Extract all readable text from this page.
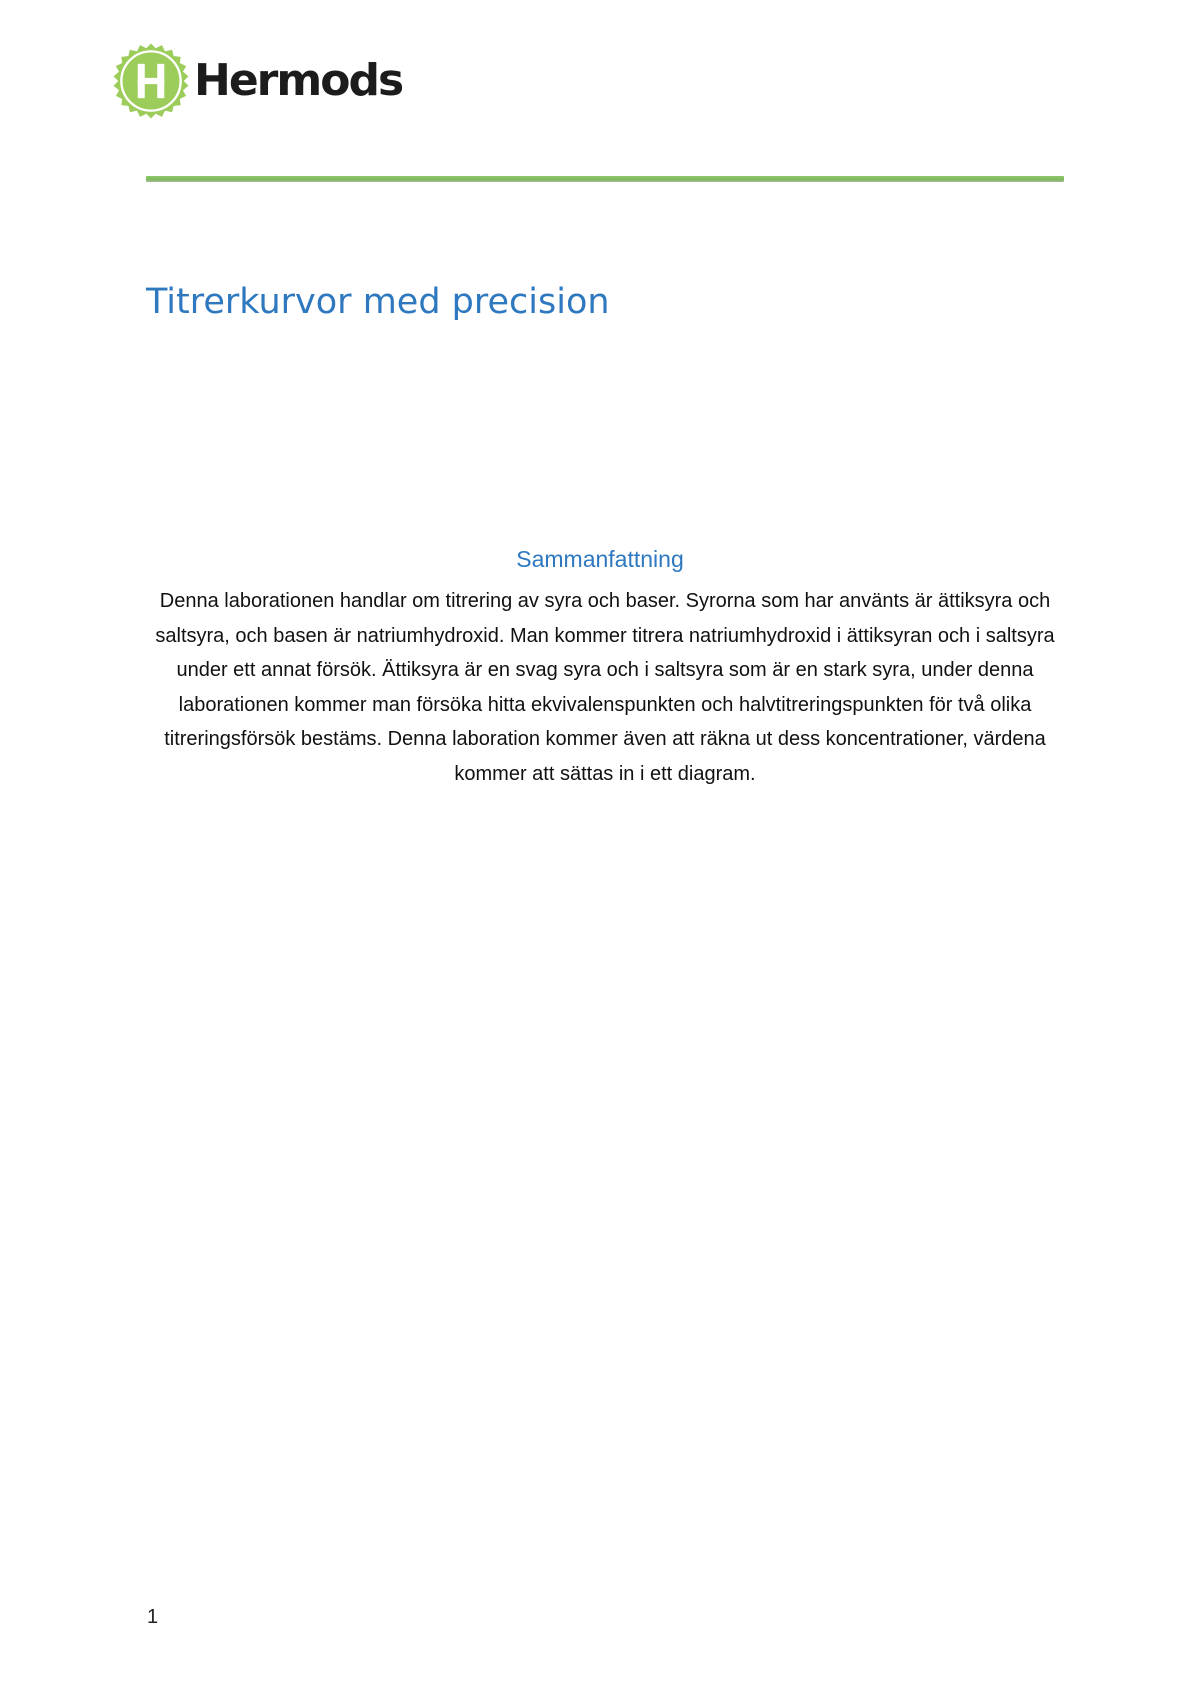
Hermods
Titrerkurvor med precision
Sammanfattning

Denna laborationen handlar om titrering av syra och baser. Syrorna som har använts är ättiksyra och saltsyra, och basen är natriumhydroxid. Man kommer titrera natriumhydroxid i ättiksyran och i saltsyra under ett annat försök. Ättiksyra är en svag syra och i saltsyra som är en stark syra, under denna laborationen kommer man försöka hitta ekvivalenspunkten och halvtitreringspunkten för två olika titreringsförsök bestäms. Denna laboration kommer även att räkna ut dess koncentrationer, värdena kommer att sättas in i ett diagram.

1
